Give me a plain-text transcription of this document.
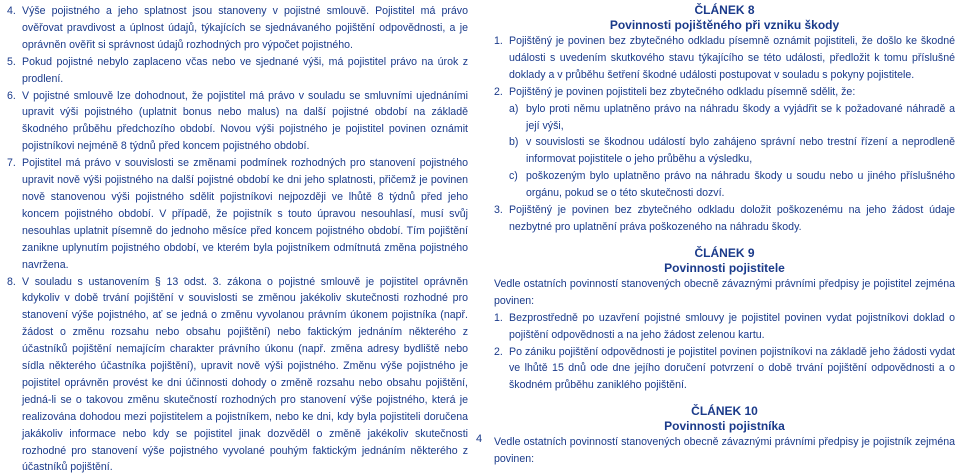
4. Výše pojistného a jeho splatnost jsou stanoveny v pojistné smlouvě. Pojistitel má právo ověřovat pravdivost a úplnost údajů, týkajících se sjednávaného pojištění odpovědnosti, a je oprávněn ověřit si správnost údajů rozhodných pro výpočet pojistného.
5. Pokud pojistné nebylo zaplaceno včas nebo ve sjednané výši, má pojistitel právo na úrok z prodlení.
6. V pojistné smlouvě lze dohodnout, že pojistitel má právo v souladu se smluvními ujednáními upravit výši pojistného (uplatnit bonus nebo malus) na další pojistné období na základě škodného průběhu předchozího období. Novou výši pojistného je pojistitel povinen oznámit pojistníkovi nejméně 8 týdnů před koncem pojistného období.
7. Pojistitel má právo v souvislosti se změnami podmínek rozhodných pro stanovení pojistného upravit nově výši pojistného na další pojistné období ke dni jeho splatnosti, přičemž je povinen nově stanovenou výši pojistného sdělit pojistníkovi nejpozději ve lhůtě 8 týdnů před jeho koncem pojistného období. V případě, že pojistník s touto úpravou nesouhlasí, musí svůj nesouhlas uplatnit písemně do jednoho měsíce před koncem pojistného období. Tím pojištění zanikne uplynutím pojistného období, ve kterém byla pojistníkem odmítnutá změna pojistného navržena.
8. V souladu s ustanovením § 13 odst. 3. zákona o pojistné smlouvě je pojistitel oprávněn kdykoliv v době trvání pojištění v souvislosti se změnou jakékoliv skutečnosti rozhodné pro stanovení výše pojistného, ať se jedná o změnu vyvolanou právním úkonem pojistníka (např. žádost o změnu rozsahu nebo obsahu pojištění) nebo faktickým jednáním některého z účastníků pojištění nemajícím charakter právního úkonu (např. změna adresy bydliště nebo sídla některého účastníka pojištění), upravit nově výši pojistného. Změnu výše pojistného je pojistitel oprávněn provést ke dni účinnosti dohody o změně rozsahu nebo obsahu pojištění, jedná-li se o takovou změnu skutečností rozhodných pro stanovení výše pojistného, která je realizována dohodou mezi pojistitelem a pojistníkem, nebo ke dni, kdy byla pojistiteli doručena jakákoliv informace nebo kdy se pojistitel jinak dozvěděl o změně jakékoliv skutečnosti rozhodné pro stanovení výše pojistného vyvolané pouhým faktickým jednáním některého z účastníků pojištění.
ČLÁNEK 8
Povinnosti pojištěného při vzniku škody
1. Pojištěný je povinen bez zbytečného odkladu písemně oznámit pojistiteli, že došlo ke škodné události s uvedením skutkového stavu týkajícího se této události, předložit k tomu příslušné doklady a v průběhu šetření škodné události postupovat v souladu s pokyny pojistitele.
2. Pojištěný je povinen pojistiteli bez zbytečného odkladu písemně sdělit, že:
a) bylo proti němu uplatněno právo na náhradu škody a vyjádřit se k požadované náhradě a její výši,
b) v souvislosti se škodnou událostí bylo zahájeno správní nebo trestní řízení a neprodleně informovat pojistitele o jeho průběhu a výsledku,
c) poškozeným bylo uplatněno právo na náhradu škody u soudu nebo u jiného příslušného orgánu, pokud se o této skutečnosti dozví.
3. Pojištěný je povinen bez zbytečného odkladu doložit poškozenému na jeho žádost údaje nezbytné pro uplatnění práva poškozeného na náhradu škody.
ČLÁNEK 9
Povinnosti pojistitele
Vedle ostatních povinností stanovených obecně závaznými právními předpisy je pojistitel zejména povinen:
1. Bezprostředně po uzavření pojistné smlouvy je pojistitel povinen vydat pojistníkovi doklad o pojištění odpovědnosti a na jeho žádost zelenou kartu.
2. Po zániku pojištění odpovědnosti je pojistitel povinen pojistníkovi na základě jeho žádosti vydat ve lhůtě 15 dnů ode dne jejího doručení potvrzení o době trvání pojištění odpovědnosti a o škodném průběhu zaniklého pojištění.
ČLÁNEK 10
Povinnosti pojistníka
Vedle ostatních povinností stanovených obecně závaznými právními předpisy je pojistník zejména povinen:
4
